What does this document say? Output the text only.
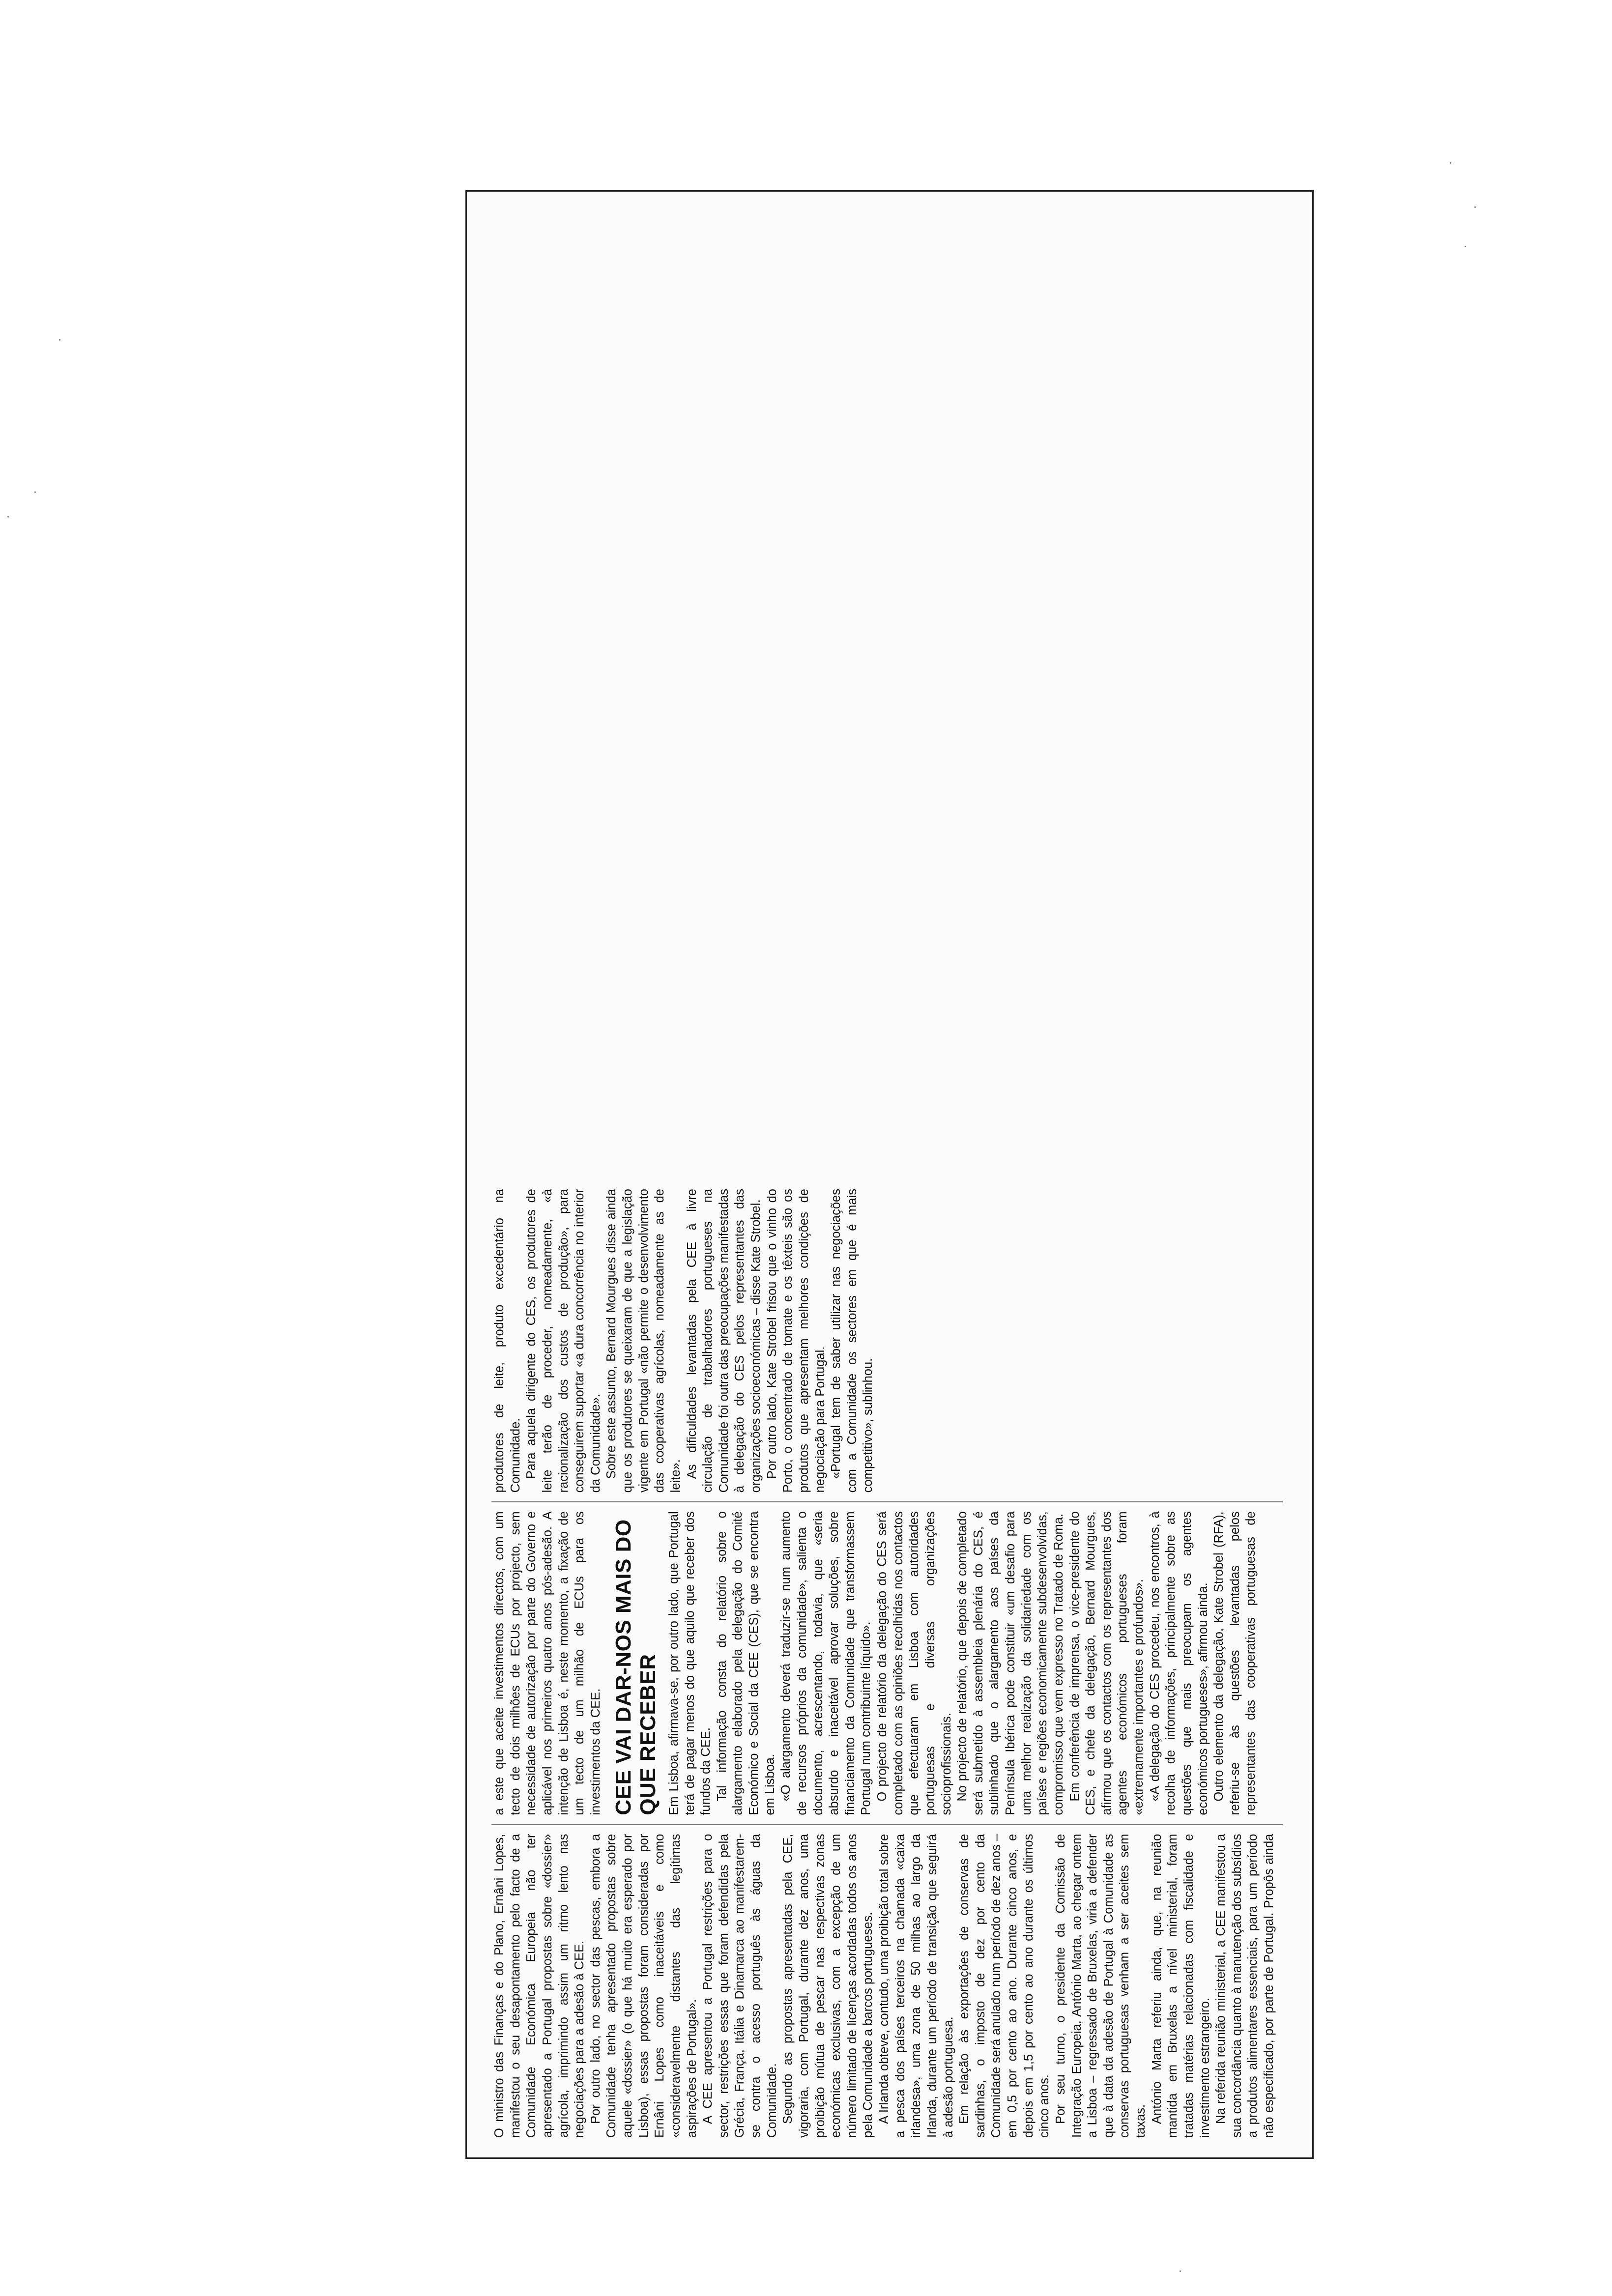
O ministro das Finanças e do Plano, Ernâni Lopes, manifestou o seu desapontamento pelo facto de a Comunidade Económica Europeia não ter apresentado a Portugal propostas sobre «dossier» agrícola, imprimindo assim um ritmo lento nas negociações para a adesão à CEE. Por outro lado, no sector das pescas, embora a Comunidade tenha apresentado propostas sobre aquele «dossier» (o que há muito era esperado por Lisboa), essas propostas foram consideradas por Ernâni Lopes como inaceitáveis e como «consideravelmente distantes das legítimas aspirações de Portugal». A CEE apresentou a Portugal restrições para o sector, restrições essas que foram defendidas pela Grécia, França, Itália e Dinamarca ao manifestarem-se contra o acesso português às águas da Comunidade. Segundo as propostas apresentadas pela CEE, vigoraria, com Portugal, durante dez anos, uma proibição mútua de pescar nas respectivas zonas económicas exclusivas, com a excepção de um número limitado de licenças acordadas todos os anos pela Comunidade a barcos portugueses. A Irlanda obteve, contudo, uma proibição total sobre a pesca dos países terceiros na chamada «caixa irlandesa», uma zona de 50 milhas ao largo da Irlanda, durante um período de transição que seguirá à adesão portuguesa. Em relação às exportações de conservas de sardinhas, o imposto de dez por cento da Comunidade será anulado num período de dez anos – em 0,5 por cento ao ano. Durante cinco anos, e depois em 1,5 por cento ao ano durante os últimos cinco anos. Por seu turno, o presidente da Comissão de Integração Europeia, António Marta, ao chegar ontem a Lisboa – regressado de Bruxelas, viria a defender que à data da adesão de Portugal à Comunidade as conservas portuguesas venham a ser aceites sem taxas. António Marta referiu ainda, que, na reunião mantida em Bruxelas a nível ministerial, foram tratadas matérias relacionadas com fiscalidade e investimento estrangeiro. Na referida reunião ministerial, a CEE manifestou a sua concordância quanto à manutenção dos subsídios a produtos alimentares essenciais, para um período não especificado, por parte de Portugal. Propôs ainda a este que aceite investimentos directos, com um tecto de dois milhões de ECUs por projecto, sem necessidade de autorização por parte do Governo e aplicável nos primeiros quatro anos pós-adesão. A intenção de Lisboa é, neste momento, a fixação de um tecto de um milhão de ECUs para os investimentos da CEE. CEE VAI DAR-NOS MAIS DO QUE RECEBER Em Lisboa, afirmava-se, por outro lado, que Portugal terá de pagar menos do que aquilo que receber dos fundos da CEE. Tal informação consta do relatório sobre o alargamento elaborado pela delegação do Comité Económico e Social da CEE (CES), que se encontra em Lisboa. «O alargamento deverá traduzir-se num aumento de recursos próprios da comunidade», salienta o documento, acrescentando, todavia, que «seria absurdo e inaceitável aprovar soluções, sobre financiamento da Comunidade que transformassem Portugal num contribuinte líquido». O projecto de relatório da delegação do CES será completado com as opiniões recolhidas nos contactos que efectuaram em Lisboa com autoridades portuguesas e diversas organizações socioprofissionais. No projecto de relatório, que depois de completado será submetido à assembleia plenária do CES, é sublinhado que o alargamento aos países da Península Ibérica pode constituir «um desafio para uma melhor realização da solidariedade com os países e regiões economicamente subdesenvolvidas, compromisso que vem expresso no Tratado de Roma. Em conferência de imprensa, o vice-presidente do CES, e chefe da delegação, Bernard Mourgues, afirmou que os contactos com os representantes dos agentes económicos portugueses foram «extremamente importantes e profundos». «A delegação do CES procedeu, nos encontros, à recolha de informações, principalmente sobre as questões que mais preocupam os agentes económicos portugueses», afirmou ainda. Outro elemento da delegação, Kate Strobel (RFA), referiu-se às questões levantadas pelos representantes das cooperativas portuguesas de produtores de leite, produto excedentário na Comunidade. Para aquela dirigente do CES, os produtores de leite terão de proceder, nomeadamente, «à racionalização dos custos de produção», para conseguirem suportar «a dura concorrência no interior da Comunidade». Sobre este assunto, Bernard Mourgues disse ainda que os produtores se queixaram de que a legislação vigente em Portugal «não permite o desenvolvimento das cooperativas agrícolas, nomeadamente as de leite». As dificuldades levantadas pela CEE à livre circulação de trabalhadores portugueses na Comunidade foi outra das preocupações manifestadas à delegação do CES pelos representantes das organizações socioeconómicas – disse Kate Strobel. Por outro lado, Kate Strobel frisou que o vinho do Porto, o concentrado de tomate e os têxteis são os produtos que apresentam melhores condições de negociação para Portugal. «Portugal tem de saber utilizar nas negociações com a Comunidade os sectores em que é mais competitivo», sublinhou.
